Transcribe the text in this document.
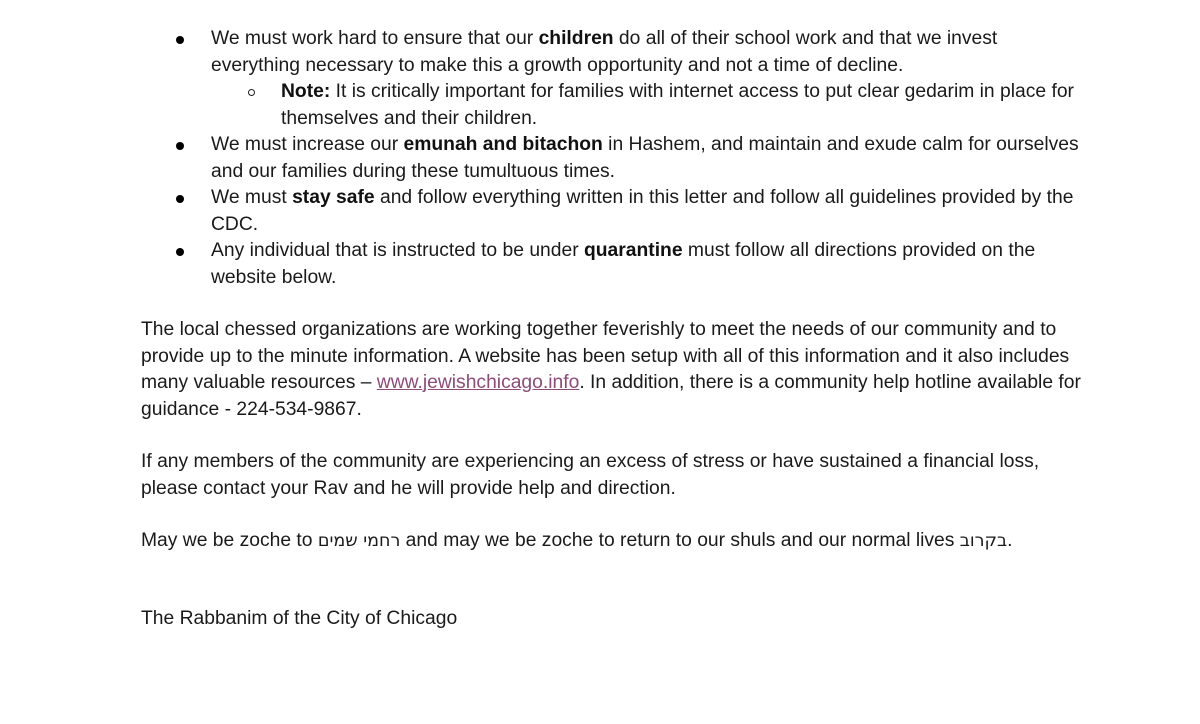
We must work hard to ensure that our children do all of their school work and that we invest everything necessary to make this a growth opportunity and not a time of decline.
Note: It is critically important for families with internet access to put clear gedarim in place for themselves and their children.
We must increase our emunah and bitachon in Hashem, and maintain and exude calm for ourselves and our families during these tumultuous times.
We must stay safe and follow everything written in this letter and follow all guidelines provided by the CDC.
Any individual that is instructed to be under quarantine must follow all directions provided on the website below.

The local chessed organizations are working together feverishly to meet the needs of our community and to provide up to the minute information. A website has been setup with all of this information and it also includes many valuable resources – www.jewishchicago.info. In addition, there is a community help hotline available for guidance - 224-534-9867.

If any members of the community are experiencing an excess of stress or have sustained a financial loss, please contact your Rav and he will provide help and direction.

May we be zoche to רחמי שמים and may we be zoche to return to our shuls and our normal lives בקרוב.

The Rabbanim of the City of Chicago
